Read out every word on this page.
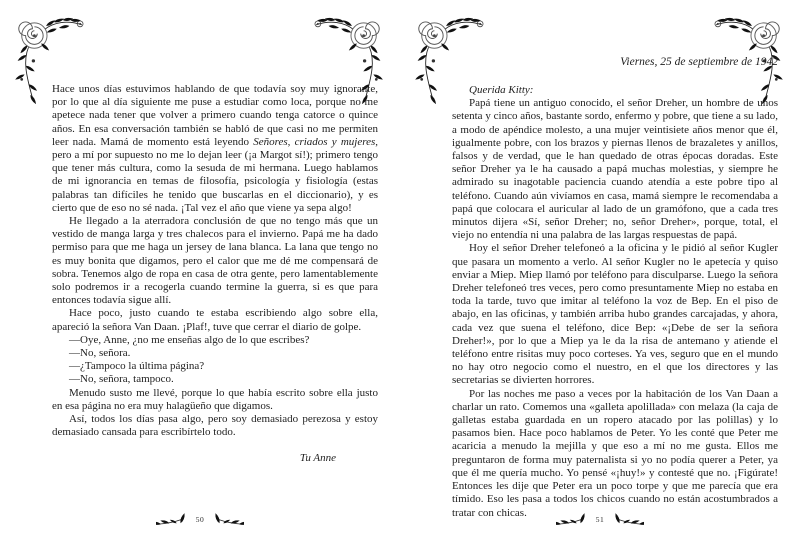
Hace unos días estuvimos hablando de que todavía soy muy ignorante, por lo que al día siguiente me puse a estudiar como loca, porque no me apetece nada tener que volver a primero cuando tenga catorce o quince años. En esa conversación también se habló de que casi no me permiten leer nada. Mamá de momento está leyendo Señores, criados y mujeres, pero a mí por supuesto no me lo dejan leer (¡a Margot sí!); primero tengo que tener más cultura, como la sesuda de mi hermana. Luego hablamos de mi ignorancia en temas de filosofía, psicología y fisiología (estas palabras tan difíciles he tenido que buscarlas en el diccionario), y es cierto que de eso no sé nada. ¡Tal vez el año que viene ya sepa algo!

He llegado a la aterradora conclusión de que no tengo más que un vestido de manga larga y tres chalecos para el invierno. Papá me ha dado permiso para que me haga un jersey de lana blanca. La lana que tengo no es muy bonita que digamos, pero el calor que me dé me compensará de sobra. Tenemos algo de ropa en casa de otra gente, pero lamentablemente solo podremos ir a recogerla cuando termine la guerra, si es que para entonces todavía sigue allí.

Hace poco, justo cuando te estaba escribiendo algo sobre ella, apareció la señora Van Daan. ¡Plaf!, tuve que cerrar el diario de golpe.

—Oye, Anne, ¿no me enseñas algo de lo que escribes?

—No, señora.

—¿Tampoco la última página?

—No, señora, tampoco.

Menudo susto me llevé, porque lo que había escrito sobre ella justo en esa página no era muy halagüeño que digamos.

Así, todos los días pasa algo, pero soy demasiado perezosa y estoy demasiado cansada para escribírtelo todo.

Tu Anne
50

Viernes, 25 de septiembre de 1942

Querida Kitty:

Papá tiene un antiguo conocido, el señor Dreher, un hombre de unos setenta y cinco años, bastante sordo, enfermo y pobre, que tiene a su lado, a modo de apéndice molesto, a una mujer veintisiete años menor que él, igualmente pobre, con los brazos y piernas llenos de brazaletes y anillos, falsos y de verdad, que le han quedado de otras épocas doradas. Este señor Dreher ya le ha causado a papá muchas molestias, y siempre he admirado su inagotable paciencia cuando atendía a este pobre tipo al teléfono. Cuando aún vivíamos en casa, mamá siempre le recomendaba a papá que colocara el auricular al lado de un gramófono, que a cada tres minutos dijera «Sí, señor Dreher; no, señor Dreher», porque, total, el viejo no entendía ni una palabra de las largas respuestas de papá.

Hoy el señor Dreher telefoneó a la oficina y le pidió al señor Kugler que pasara un momento a verlo. Al señor Kugler no le apetecía y quiso enviar a Miep. Miep llamó por teléfono para disculparse. Luego la señora Dreher telefoneó tres veces, pero como presuntamente Miep no estaba en toda la tarde, tuvo que imitar al teléfono la voz de Bep. En el piso de abajo, en las oficinas, y también arriba hubo grandes carcajadas, y ahora, cada vez que suena el teléfono, dice Bep: «¡Debe de ser la señora Dreher!», por lo que a Miep ya le da la risa de antemano y atiende el teléfono entre risitas muy poco corteses. Ya ves, seguro que en el mundo no hay otro negocio como el nuestro, en el que los directores y las secretarias se divierten horrores.

Por las noches me paso a veces por la habitación de los Van Daan a charlar un rato. Comemos una «galleta apolillada» con melaza (la caja de galletas estaba guardada en un ropero atacado por las polillas) y lo pasamos bien. Hace poco hablamos de Peter. Yo les conté que Peter me acaricia a menudo la mejilla y que eso a mí no me gusta. Ellos me preguntaron de forma muy paternalista si yo no podía querer a Peter, ya que él me quería mucho. Yo pensé «¡huy!» y contesté que no. ¡Figúrate! Entonces les dije que Peter era un poco torpe y que me parecía que era tímido. Eso les pasa a todos los chicos cuando no están acostumbrados a tratar con chicas.

51
